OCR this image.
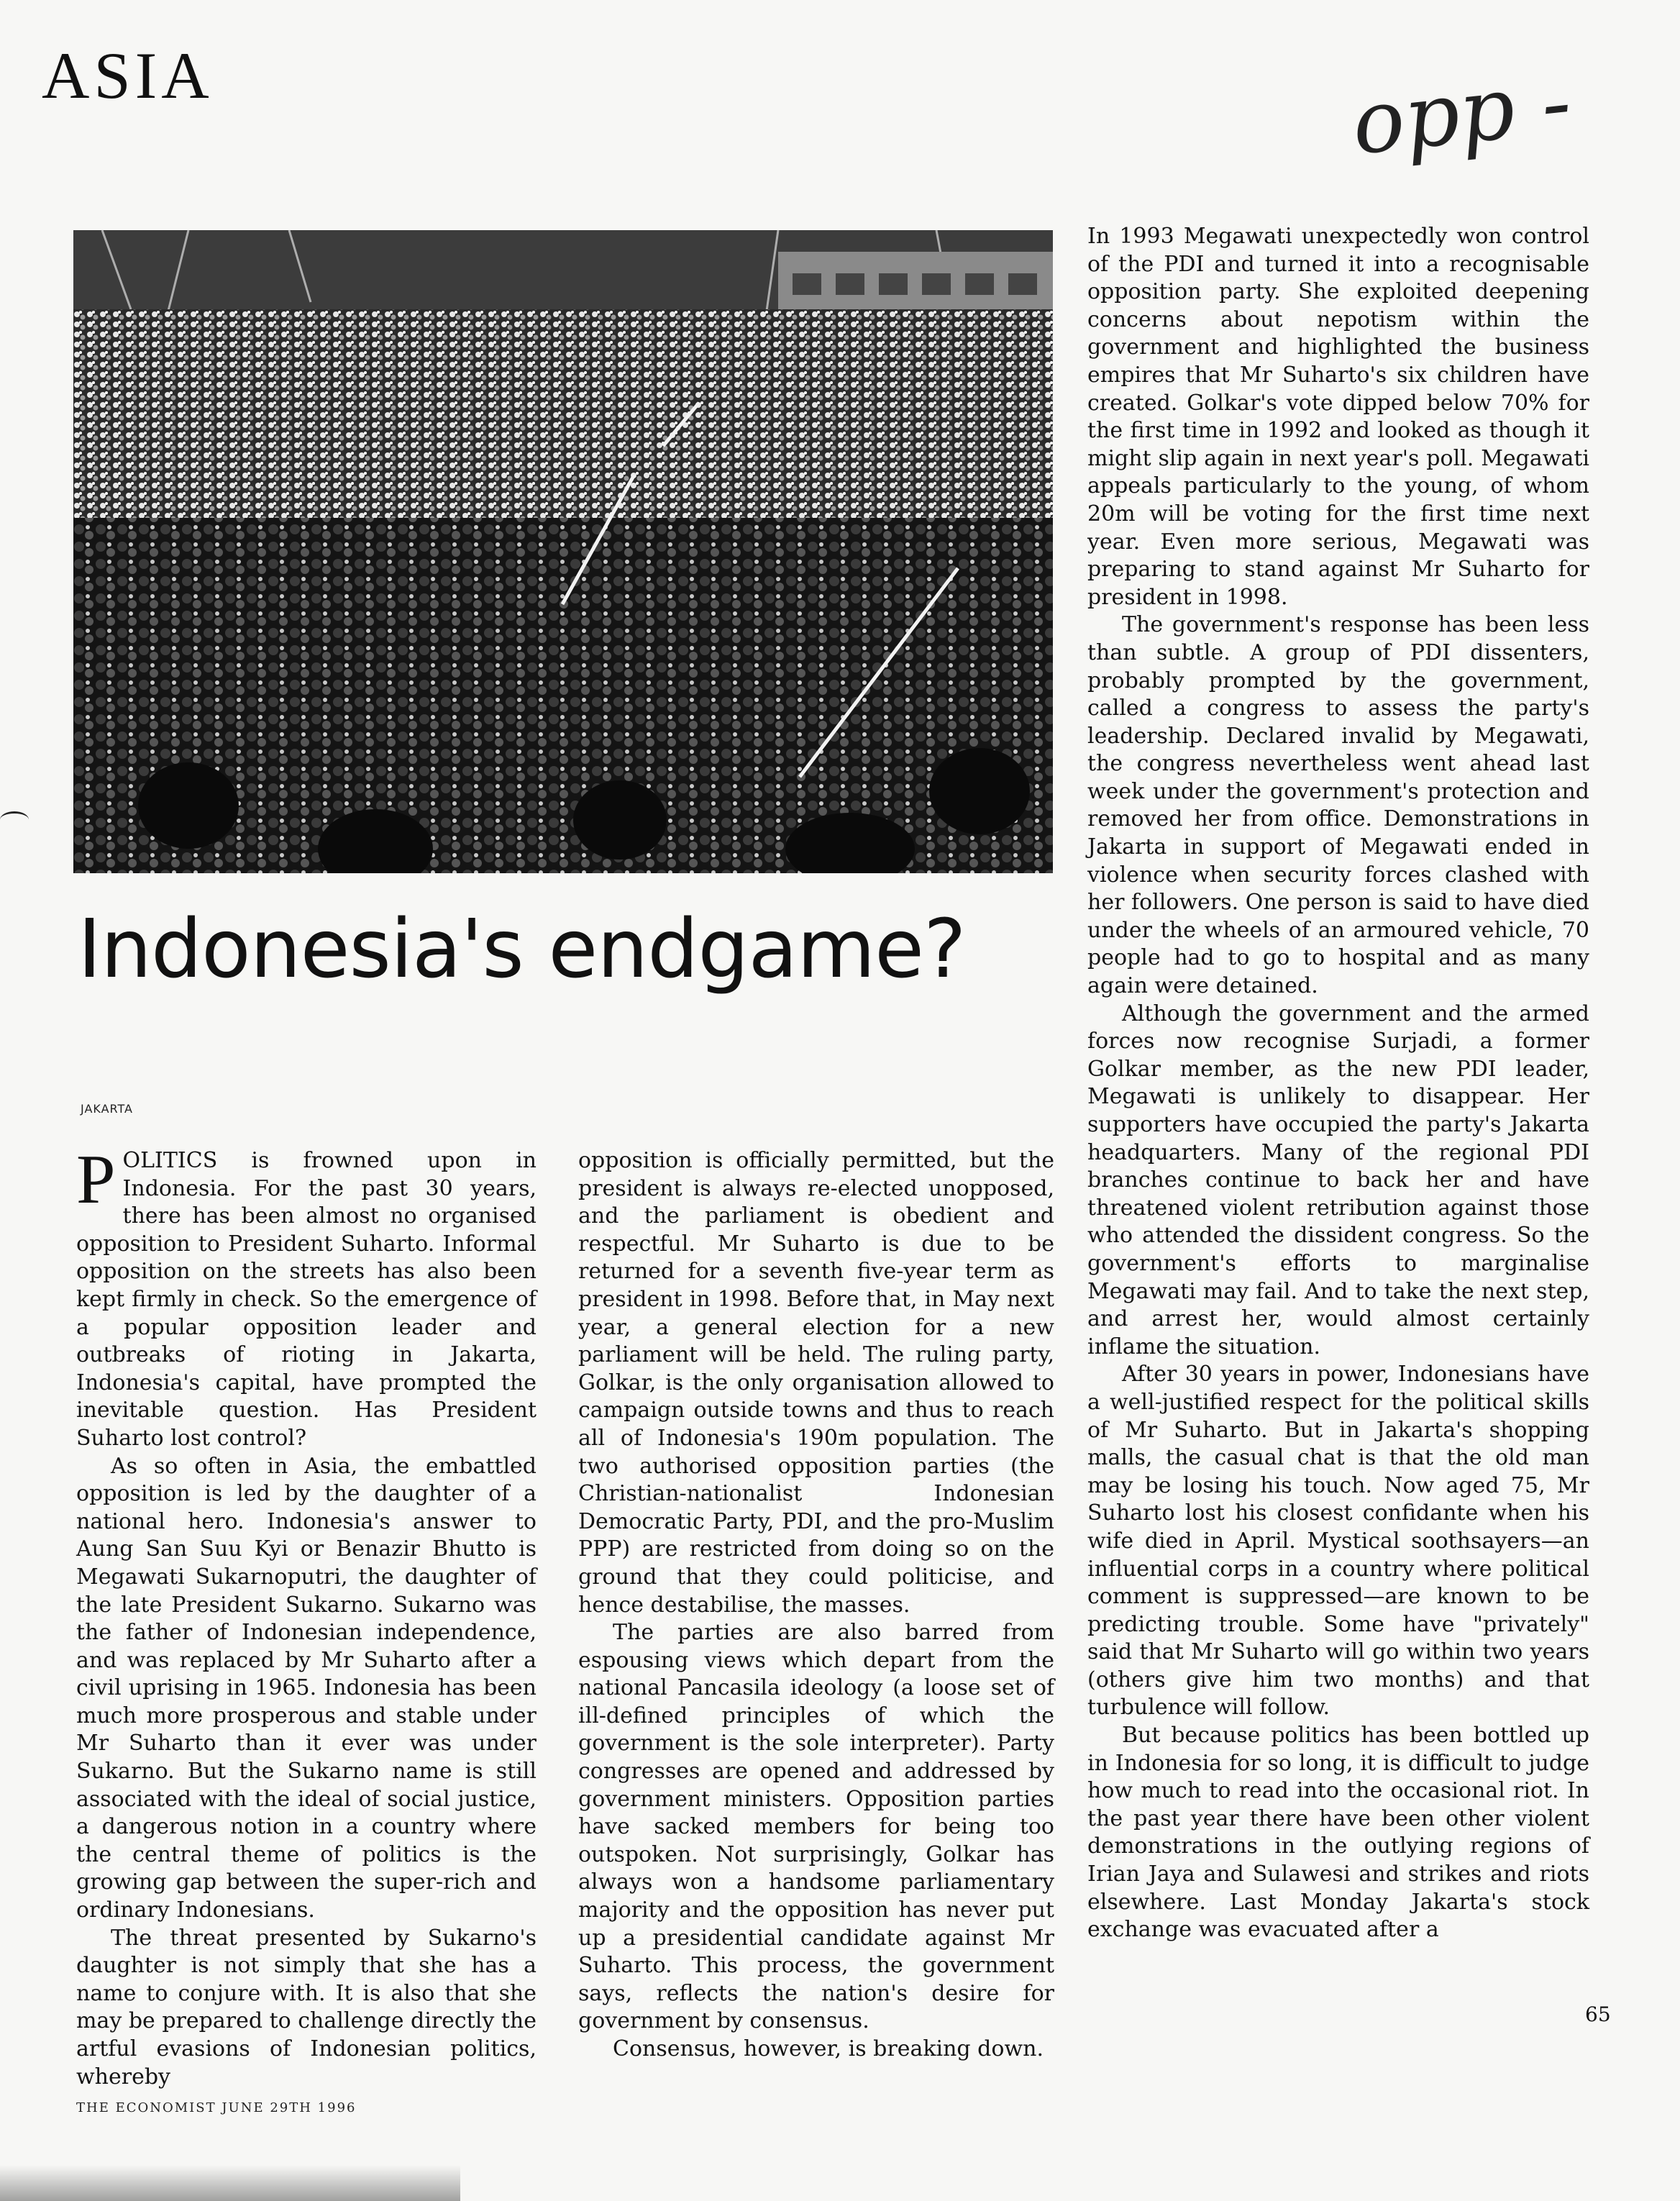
ASIA	opp -
Indonesia's endgame?
JAKARTA

POLITICS is frowned upon in Indonesia. For the past 30 years, there has been almost no organised opposition to President Suharto. Informal opposition on the streets has also been kept firmly in check. So the emergence of a popular opposition leader and outbreaks of rioting in Jakarta, Indonesia's capital, have prompted the inevitable question. Has President Suharto lost control?

As so often in Asia, the embattled opposition is led by the daughter of a national hero. Indonesia's answer to Aung San Suu Kyi or Benazir Bhutto is Megawati Sukarnoputri, the daughter of the late President Sukarno. Sukarno was the father of Indonesian independence, and was replaced by Mr Suharto after a civil uprising in 1965. Indonesia has been much more prosperous and stable under Mr Suharto than it ever was under Sukarno. But the Sukarno name is still associated with the ideal of social justice, a dangerous notion in a country where the central theme of politics is the growing gap between the super-rich and ordinary Indonesians.

The threat presented by Sukarno's daughter is not simply that she has a name to conjure with. It is also that she may be prepared to challenge directly the artful evasions of Indonesian politics, whereby

opposition is officially permitted, but the president is always re-elected unopposed, and the parliament is obedient and respectful. Mr Suharto is due to be returned for a seventh five-year term as president in 1998. Before that, in May next year, a general election for a new parliament will be held. The ruling party, Golkar, is the only organisation allowed to campaign outside towns and thus to reach all of Indonesia's 190m population. The two authorised opposition parties (the Christian-nationalist Indonesian Democratic Party, PDI, and the pro-Muslim PPP) are restricted from doing so on the ground that they could politicise, and hence destabilise, the masses.

The parties are also barred from espousing views which depart from the national Pancasila ideology (a loose set of ill-defined principles of which the government is the sole interpreter). Party congresses are opened and addressed by government ministers. Opposition parties have sacked members for being too outspoken. Not surprisingly, Golkar has always won a handsome parliamentary majority and the opposition has never put up a presidential candidate against Mr Suharto. This process, the government says, reflects the nation's desire for government by consensus.

Consensus, however, is breaking down.

In 1993 Megawati unexpectedly won control of the PDI and turned it into a recognisable opposition party. She exploited deepening concerns about nepotism within the government and highlighted the business empires that Mr Suharto's six children have created. Golkar's vote dipped below 70% for the first time in 1992 and looked as though it might slip again in next year's poll. Megawati appeals particularly to the young, of whom 20m will be voting for the first time next year. Even more serious, Megawati was preparing to stand against Mr Suharto for president in 1998.

The government's response has been less than subtle. A group of PDI dissenters, probably prompted by the government, called a congress to assess the party's leadership. Declared invalid by Megawati, the congress nevertheless went ahead last week under the government's protection and removed her from office. Demonstrations in Jakarta in support of Megawati ended in violence when security forces clashed with her followers. One person is said to have died under the wheels of an armoured vehicle, 70 people had to go to hospital and as many again were detained.

Although the government and the armed forces now recognise Surjadi, a former Golkar member, as the new PDI leader, Megawati is unlikely to disappear. Her supporters have occupied the party's Jakarta headquarters. Many of the regional PDI branches continue to back her and have threatened violent retribution against those who attended the dissident congress. So the government's efforts to marginalise Megawati may fail. And to take the next step, and arrest her, would almost certainly inflame the situation.

After 30 years in power, Indonesians have a well-justified respect for the political skills of Mr Suharto. But in Jakarta's shopping malls, the casual chat is that the old man may be losing his touch. Now aged 75, Mr Suharto lost his closest confidante when his wife died in April. Mystical soothsayers—an influential corps in a country where political comment is suppressed—are known to be predicting trouble. Some have "privately" said that Mr Suharto will go within two years (others give him two months) and that turbulence will follow.

But because politics has been bottled up in Indonesia for so long, it is difficult to judge how much to read into the occasional riot. In the past year there have been other violent demonstrations in the outlying regions of Irian Jaya and Sulawesi and strikes and riots elsewhere. Last Monday Jakarta's stock exchange was evacuated after a

65
THE ECONOMIST JUNE 29TH 1996
